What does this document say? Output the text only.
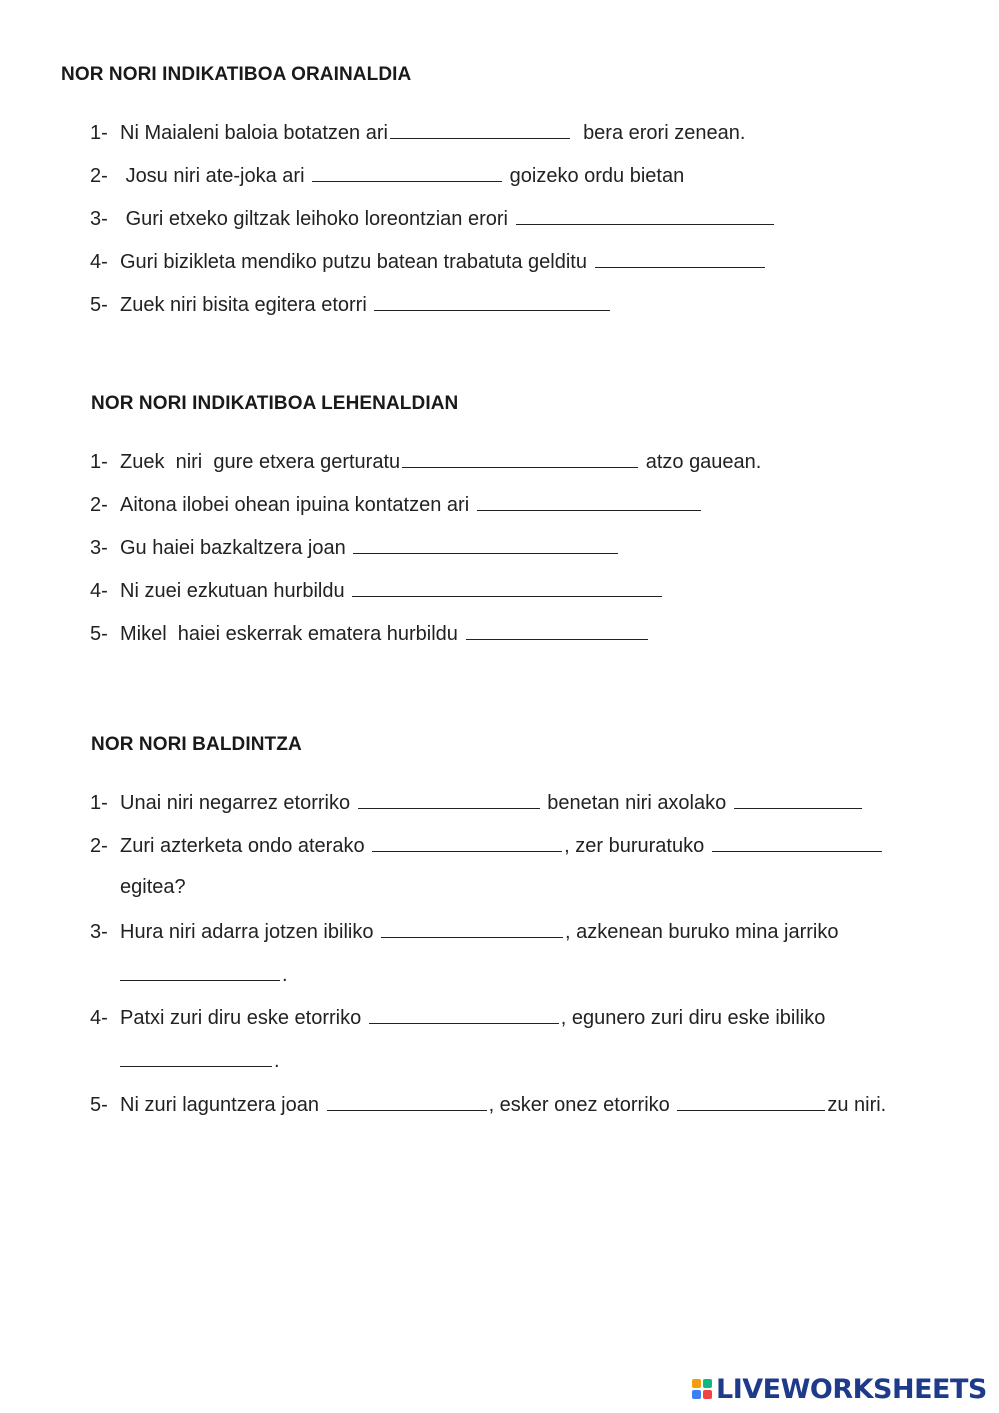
NOR NORI INDIKATIBOA ORAINALDIA
1- Ni Maialeni baloia botatzen ari	bera erori zenean.
2- Josu niri ate-joka ari	goizeko ordu bietan
3- Guri etxeko giltzak leihoko loreontzian erori
4- Guri bizikleta mendiko putzu batean trabatuta gelditu
5- Zuek niri bisita egitera etorri
NOR NORI INDIKATIBOA LEHENALDIAN
1- Zuek  niri  gure etxera gerturatu	atzo gauean.
2- Aitona ilobei ohean ipuina kontatzen ari
3- Gu haiei bazkaltzera joan
4- Ni zuei ezkutuan hurbildu
5- Mikel  haiei eskerrak ematera hurbildu
NOR NORI BALDINTZA
1- Unai niri negarrez etorriko	benetan niri axolako
2- Zuri azterketa ondo aterako	, zer bururatuko
egitea?
3- Hura niri adarra jotzen ibiliko	, azkenean buruko mina jarriko
.
4- Patxi zuri diru eske etorriko	, egunero zuri diru eske ibiliko
.
5- Ni zuri laguntzera joan	, esker onez etorriko	zu niri.
LIVEWORKSHEETS
